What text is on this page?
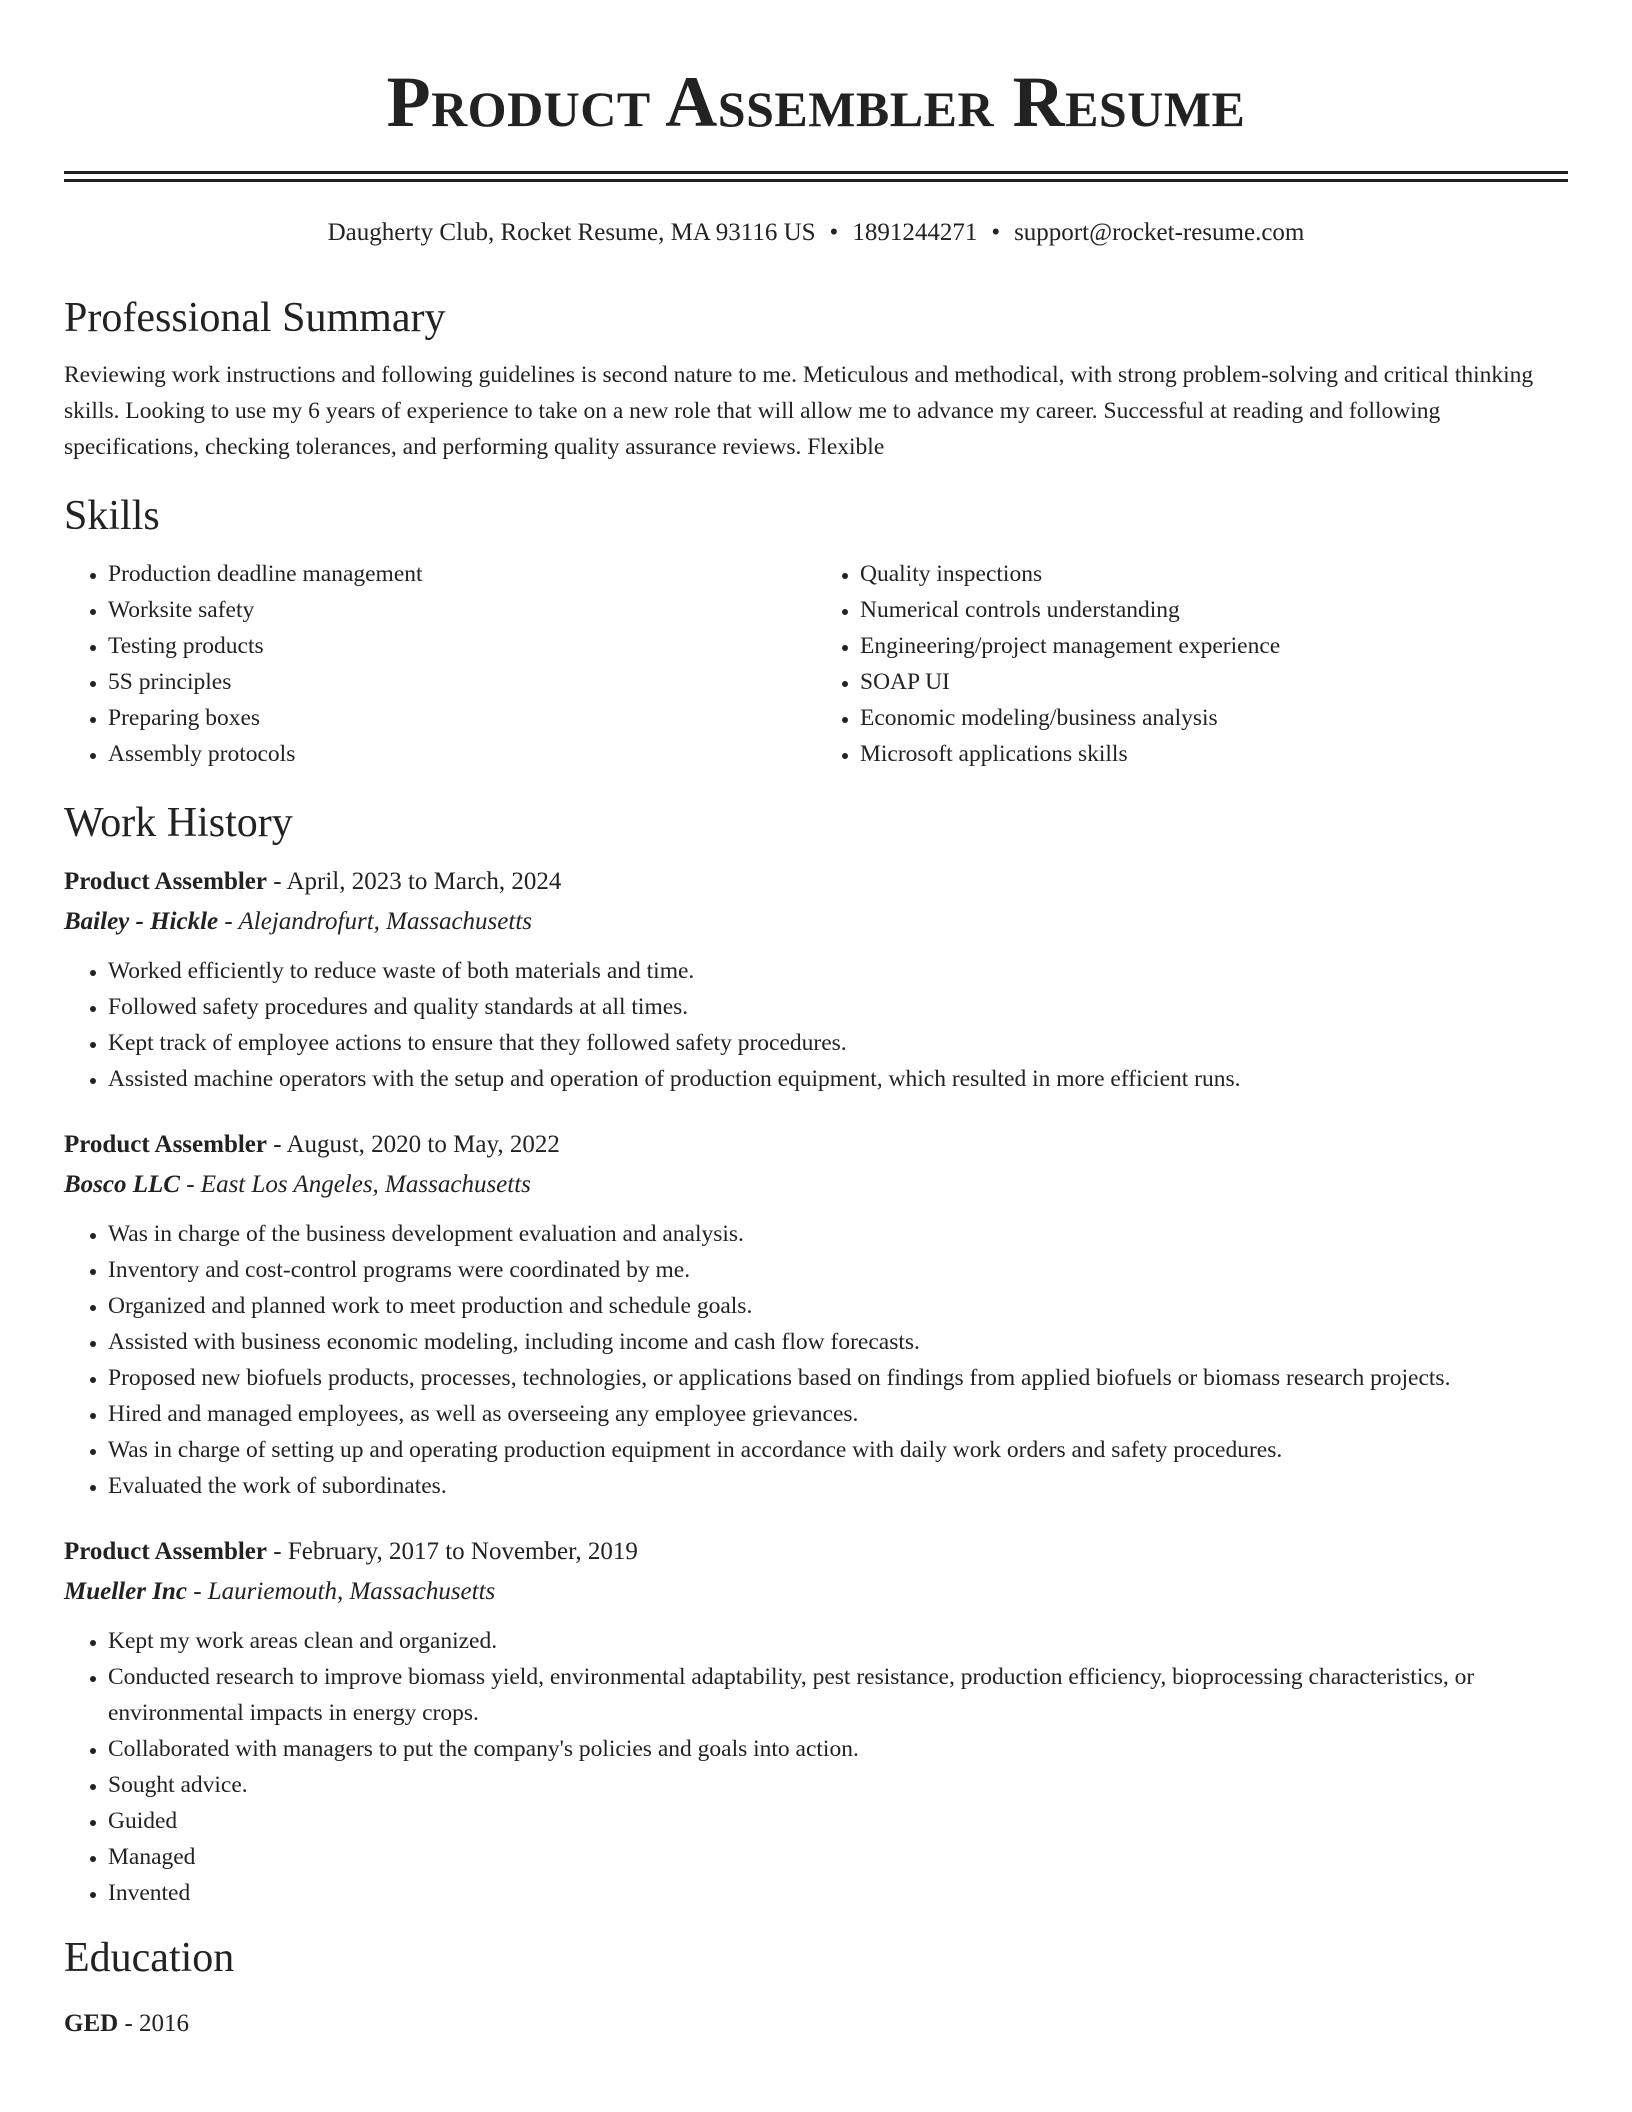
Product Assembler Resume
Daugherty Club, Rocket Resume, MA 93116 US • 1891244271 • support@rocket-resume.com
Professional Summary

Reviewing work instructions and following guidelines is second nature to me. Meticulous and methodical, with strong problem-solving and critical thinking skills. Looking to use my 6 years of experience to take on a new role that will allow me to advance my career. Successful at reading and following specifications, checking tolerances, and performing quality assurance reviews. Flexible

Skills
• Production deadline management
• Worksite safety
• Testing products
• 5S principles
• Preparing boxes
• Assembly protocols
• Quality inspections
• Numerical controls understanding
• Engineering/project management experience
• SOAP UI
• Economic modeling/business analysis
• Microsoft applications skills
Work History
Product Assembler - April, 2023 to March, 2024
Bailey - Hickle - Alejandrofurt, Massachusetts
• Worked efficiently to reduce waste of both materials and time.
• Followed safety procedures and quality standards at all times.
• Kept track of employee actions to ensure that they followed safety procedures.
• Assisted machine operators with the setup and operation of production equipment, which resulted in more efficient runs.
Product Assembler - August, 2020 to May, 2022
Bosco LLC - East Los Angeles, Massachusetts
• Was in charge of the business development evaluation and analysis.
• Inventory and cost-control programs were coordinated by me.
• Organized and planned work to meet production and schedule goals.
• Assisted with business economic modeling, including income and cash flow forecasts.
• Proposed new biofuels products, processes, technologies, or applications based on findings from applied biofuels or biomass research projects.
• Hired and managed employees, as well as overseeing any employee grievances.
• Was in charge of setting up and operating production equipment in accordance with daily work orders and safety procedures.
• Evaluated the work of subordinates.
Product Assembler - February, 2017 to November, 2019
Mueller Inc - Lauriemouth, Massachusetts
• Kept my work areas clean and organized.
• Conducted research to improve biomass yield, environmental adaptability, pest resistance, production efficiency, bioprocessing characteristics, or environmental impacts in energy crops.
• Collaborated with managers to put the company's policies and goals into action.
• Sought advice.
• Guided
• Managed
• Invented
Education
GED - 2016
